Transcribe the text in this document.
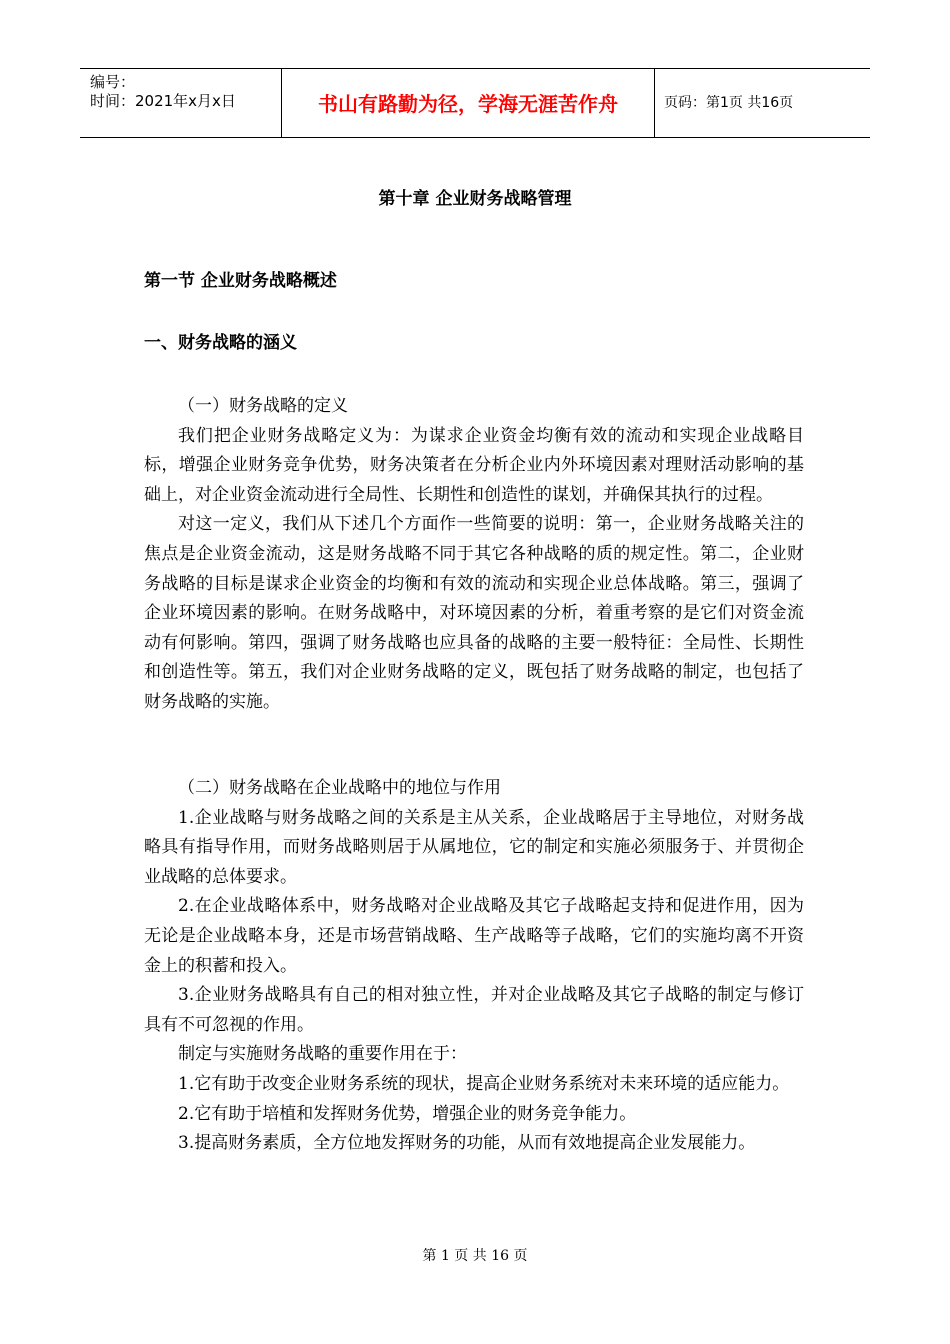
编号：
时间：2021年x月x日	书山有路勤为径，学海无涯苦作舟	页码：第1页 共16页
第十章 企业财务战略管理
第一节 企业财务战略概述
一、财务战略的涵义

（一）财务战略的定义

我们把企业财务战略定义为：为谋求企业资金均衡有效的流动和实现企业战略目标，增强企业财务竞争优势，财务决策者在分析企业内外环境因素对理财活动影响的基础上，对企业资金流动进行全局性、长期性和创造性的谋划，并确保其执行的过程。

对这一定义，我们从下述几个方面作一些简要的说明：第一，企业财务战略关注的焦点是企业资金流动，这是财务战略不同于其它各种战略的质的规定性。第二，企业财务战略的目标是谋求企业资金的均衡和有效的流动和实现企业总体战略。第三，强调了企业环境因素的影响。在财务战略中，对环境因素的分析，着重考察的是它们对资金流动有何影响。第四，强调了财务战略也应具备的战略的主要一般特征：全局性、长期性和创造性等。第五，我们对企业财务战略的定义，既包括了财务战略的制定，也包括了财务战略的实施。

（二）财务战略在企业战略中的地位与作用

1.企业战略与财务战略之间的关系是主从关系，企业战略居于主导地位，对财务战略具有指导作用，而财务战略则居于从属地位，它的制定和实施必须服务于、并贯彻企业战略的总体要求。

2.在企业战略体系中，财务战略对企业战略及其它子战略起支持和促进作用，因为无论是企业战略本身，还是市场营销战略、生产战略等子战略，它们的实施均离不开资金上的积蓄和投入。

3.企业财务战略具有自己的相对独立性，并对企业战略及其它子战略的制定与修订具有不可忽视的作用。

制定与实施财务战略的重要作用在于：

1.它有助于改变企业财务系统的现状，提高企业财务系统对未来环境的适应能力。

2.它有助于培植和发挥财务优势，增强企业的财务竞争能力。

3.提高财务素质，全方位地发挥财务的功能，从而有效地提高企业发展能力。

第 1 页 共 16 页
